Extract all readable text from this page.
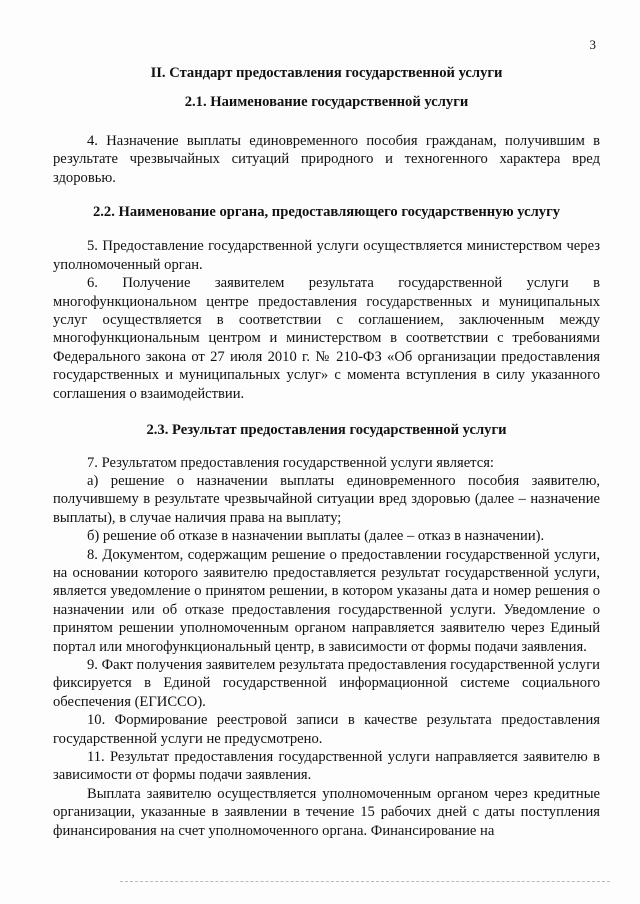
3
II. Стандарт предоставления государственной услуги
2.1. Наименование государственной услуги

4. Назначение выплаты единовременного пособия гражданам, получившим в результате чрезвычайных ситуаций природного и техногенного характера вред здоровью.

2.2. Наименование органа, предоставляющего государственную услугу

5. Предоставление государственной услуги осуществляется министерством через уполномоченный орган.

6. Получение заявителем результата государственной услуги в многофункциональном центре предоставления государственных и муниципальных услуг осуществляется в соответствии с соглашением, заключенным между многофункциональным центром и министерством в соответствии с требованиями Федерального закона от 27 июля 2010 г. № 210-ФЗ «Об организации предоставления государственных и муниципальных услуг» с момента вступления в силу указанного соглашения о взаимодействии.

2.3. Результат предоставления государственной услуги

7. Результатом предоставления государственной услуги является:

а) решение о назначении выплаты единовременного пособия заявителю, получившему в результате чрезвычайной ситуации вред здоровью (далее – назначение выплаты), в случае наличия права на выплату;

б) решение об отказе в назначении выплаты (далее – отказ в назначении).

8. Документом, содержащим решение о предоставлении государственной услуги, на основании которого заявителю предоставляется результат государственной услуги, является уведомление о принятом решении, в котором указаны дата и номер решения о назначении или об отказе предоставления государственной услуги. Уведомление о принятом решении уполномоченным органом направляется заявителю через Единый портал или многофункциональный центр, в зависимости от формы подачи заявления.

9. Факт получения заявителем результата предоставления государственной услуги фиксируется в Единой государственной информационной системе социального обеспечения (ЕГИССО).

10. Формирование реестровой записи в качестве результата предоставления государственной услуги не предусмотрено.

11. Результат предоставления государственной услуги направляется заявителю в зависимости от формы подачи заявления.

Выплата заявителю осуществляется уполномоченным органом через кредитные организации, указанные в заявлении в течение 15 рабочих дней с даты поступления финансирования на счет уполномоченного органа. Финансирование на
